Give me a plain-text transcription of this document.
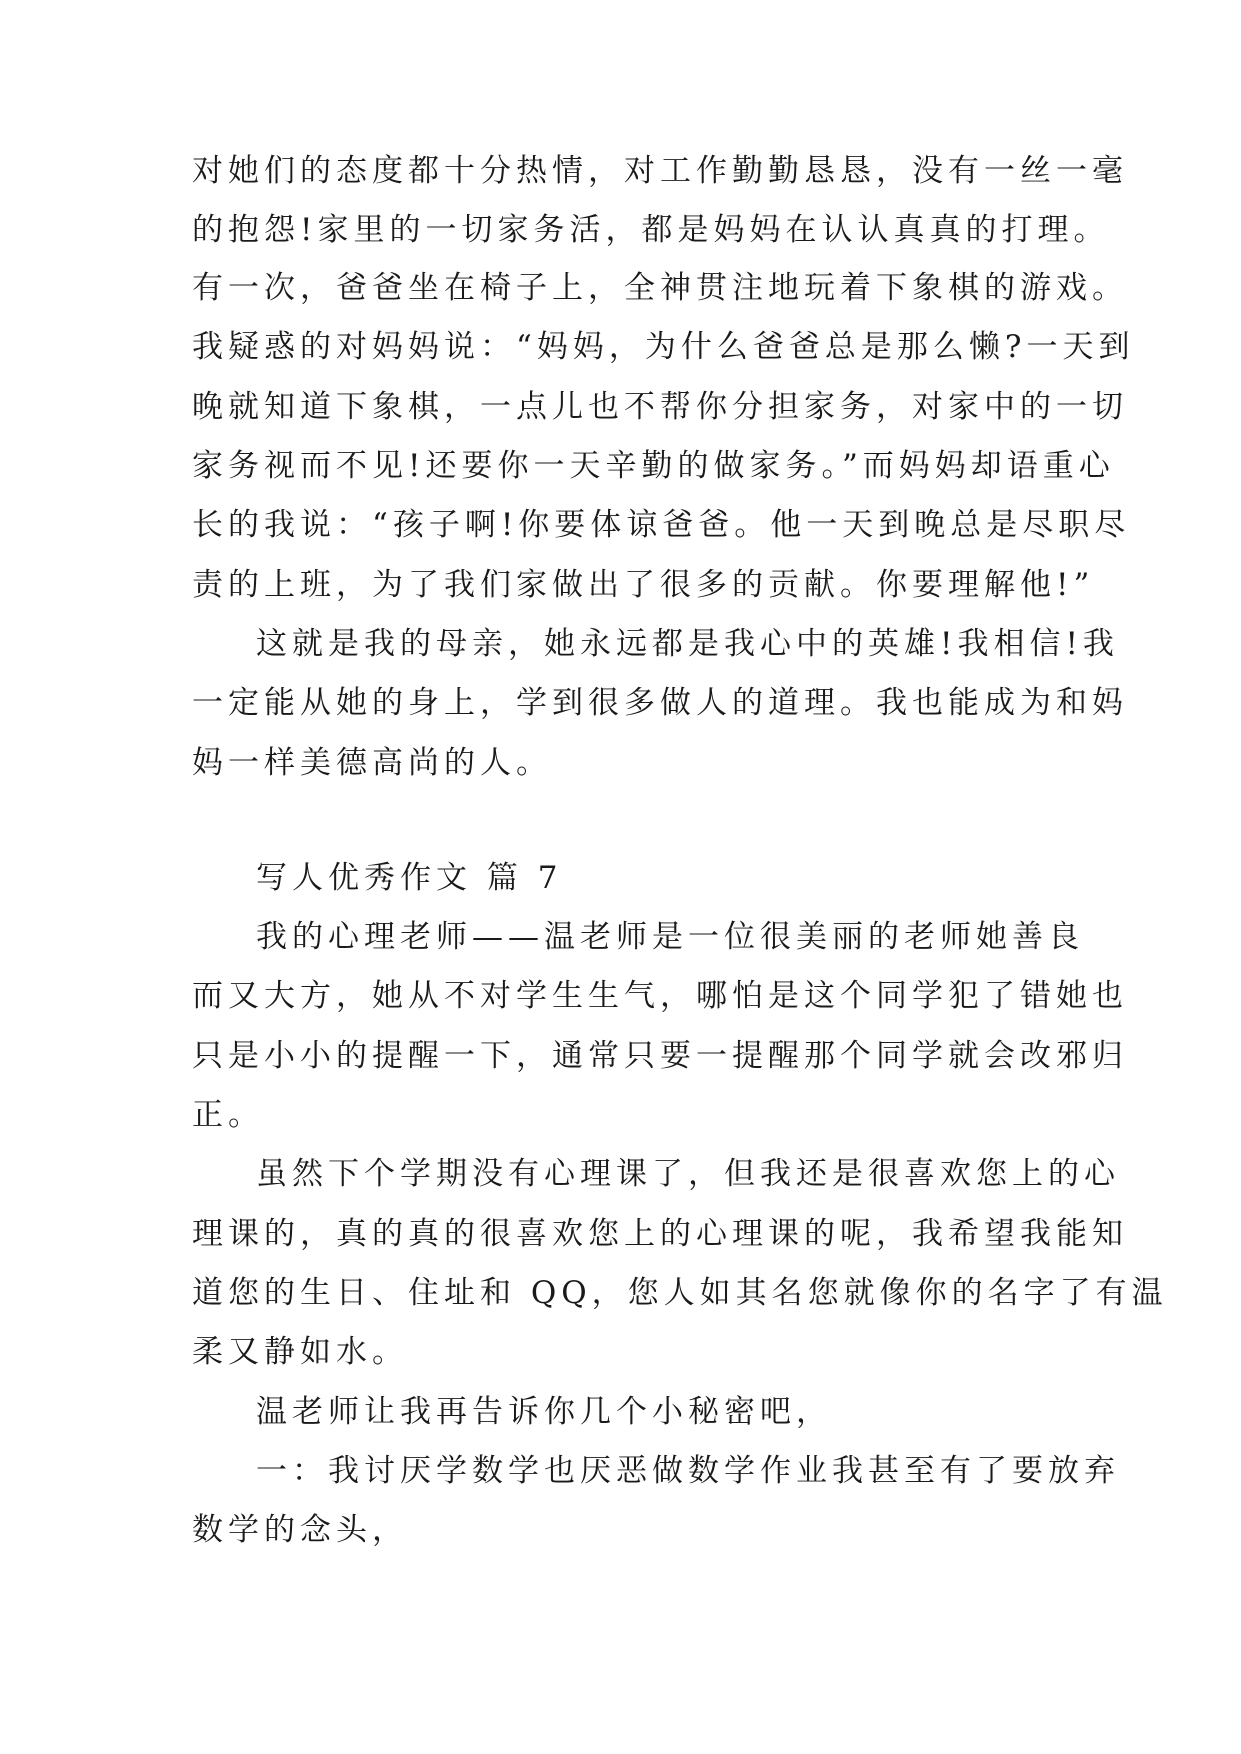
对她们的态度都十分热情，对工作勤勤恳恳，没有一丝一毫
的抱怨!家里的一切家务活，都是妈妈在认认真真的打理。
有一次，爸爸坐在椅子上，全神贯注地玩着下象棋的游戏。
我疑惑的对妈妈说：“妈妈，为什么爸爸总是那么懒?一天到
晚就知道下象棋，一点儿也不帮你分担家务，对家中的一切
家务视而不见!还要你一天辛勤的做家务。”而妈妈却语重心
长的我说：“孩子啊!你要体谅爸爸。他一天到晚总是尽职尽
责的上班，为了我们家做出了很多的贡献。你要理解他!”
这就是我的母亲，她永远都是我心中的英雄!我相信!我
一定能从她的身上，学到很多做人的道理。我也能成为和妈
妈一样美德高尚的人。
写人优秀作文 篇 7
我的心理老师——温老师是一位很美丽的老师她善良
而又大方，她从不对学生生气，哪怕是这个同学犯了错她也
只是小小的提醒一下，通常只要一提醒那个同学就会改邪归
正。
虽然下个学期没有心理课了，但我还是很喜欢您上的心
理课的，真的真的很喜欢您上的心理课的呢，我希望我能知
道您的生日、住址和 QQ，您人如其名您就像你的名字了有温
柔又静如水。
温老师让我再告诉你几个小秘密吧，
一：我讨厌学数学也厌恶做数学作业我甚至有了要放弃
数学的念头，
